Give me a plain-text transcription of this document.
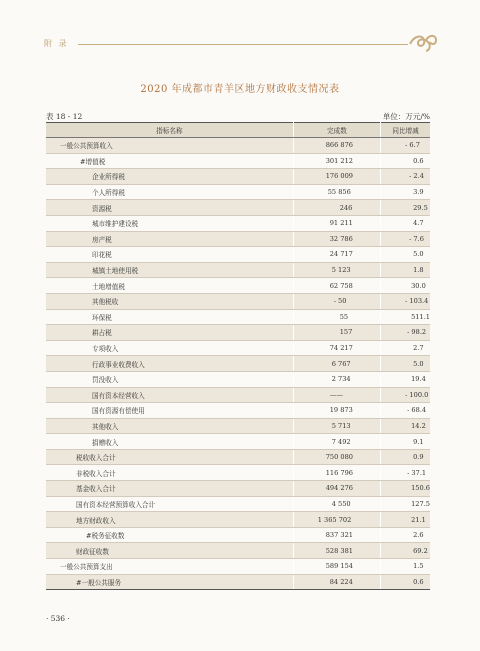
附 录
2020 年成都市青羊区地方财政收支情况表
表 18 - 12	单位：万元/%
指标名称	完成数	同比增减
一般公共预算收入	866 876	- 6.7
#增值税	301 212	0.6
企业所得税	176 009	- 2.4
个人所得税	55 856	3.9
资源税	246	29.5
城市维护建设税	91 211	4.7
房产税	32 786	- 7.6
印花税	24 717	5.0
城镇土地使用税	5 123	1.8
土地增值税	62 758	30.0
其他税收	- 50	- 103.4
环保税	55	511.1
耕占税	157	- 98.2
专项收入	74 217	2.7
行政事业收费收入	6 767	5.0
罚没收入	2 734	19.4
国有资本经营收入	——	- 100.0
国有资源有偿使用	19 873	- 68.4
其他收入	5 713	14.2
捐赠收入	7 492	9.1
税收收入合计	750 080	0.9
非税收入合计	116 796	- 37.1
基金收入合计	494 276	150.6
国有资本经营预算收入合计	4 550	127.5
地方财政收入	1 365 702	21.1
#税务征收数	837 321	2.6
财政征收数	528 381	69.2
一般公共预算支出	589 154	1.5
#一般公共服务	84 224	0.6
· 536 ·
